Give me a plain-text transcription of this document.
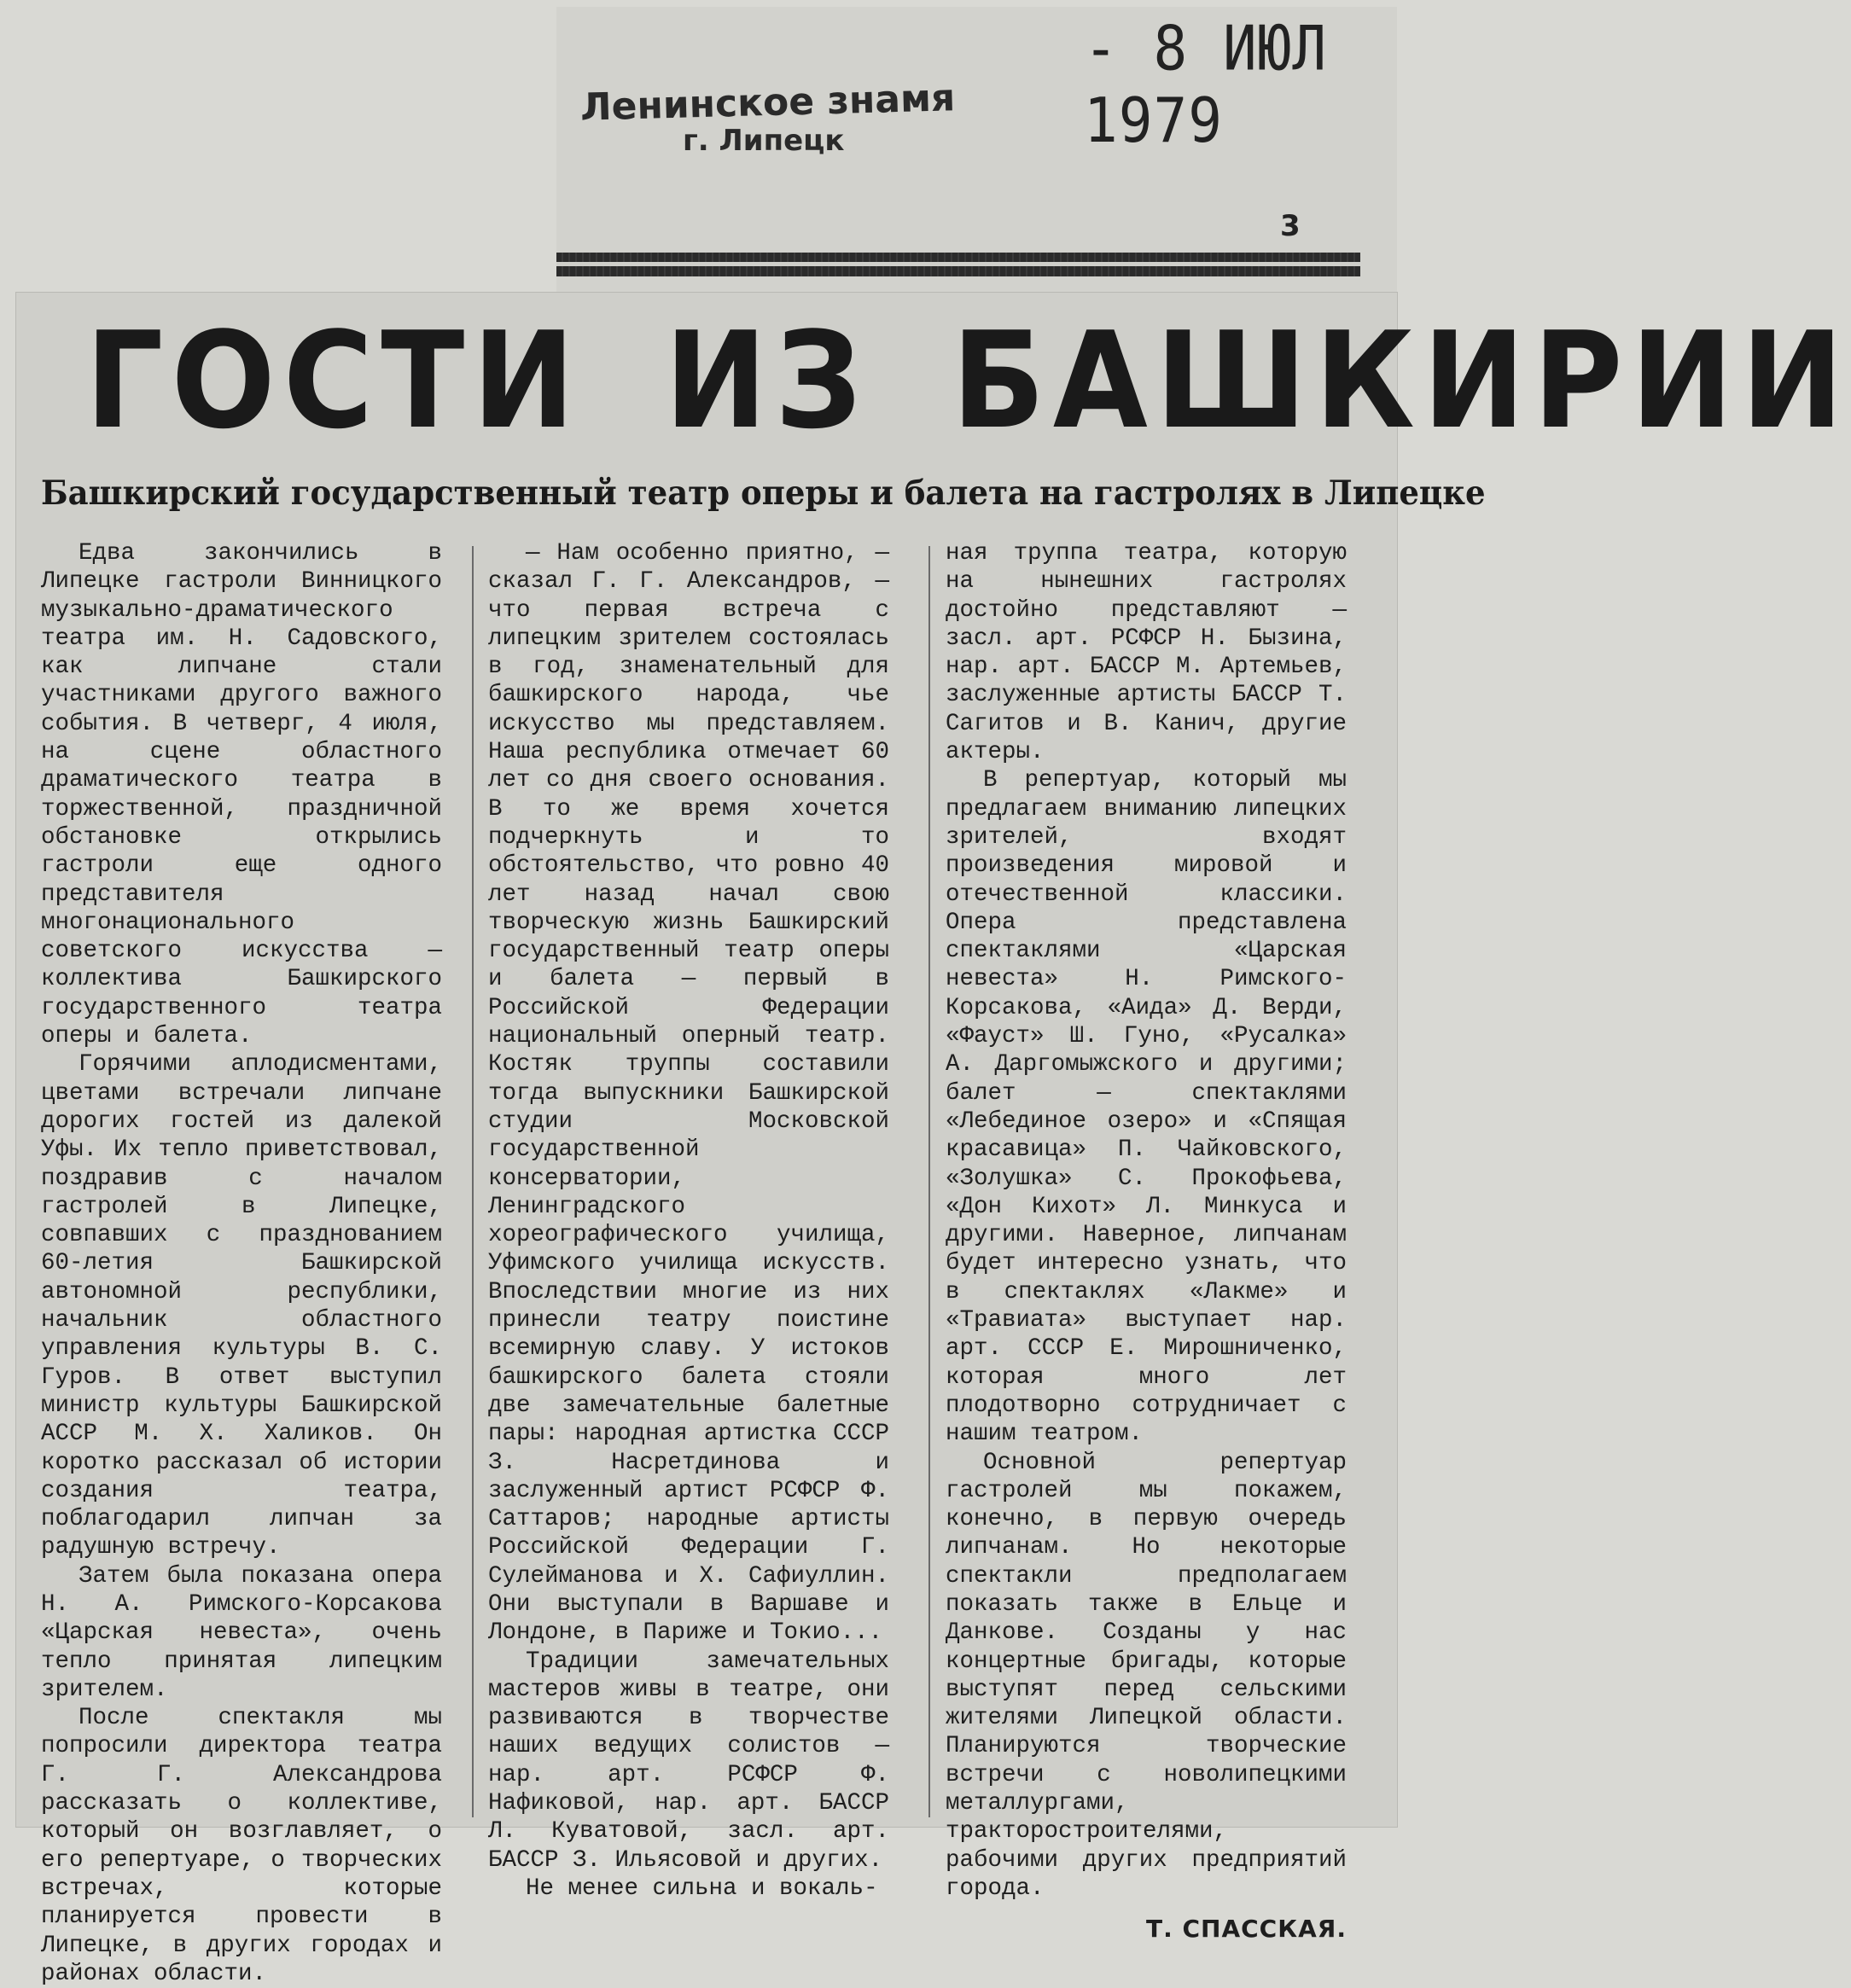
- 8 ИЮЛ 1979
Ленинское знамя
г. Липецк
3
ГОСТИ ИЗ БАШКИРИИ
Башкирский государственный театр оперы и балета на гастролях в Липецке

Едва закончились в Липецке гастроли Винницкого музыкально-драматического театра им. Н. Садовского, как липчане стали участниками другого важного события. В четверг, 4 июля, на сцене областного драматического театра в торжественной, праздничной обстановке открылись гастроли еще одного представителя многонационального советского искусства — коллектива Башкирского государственного театра оперы и балета.

Горячими аплодисментами, цветами встречали липчане дорогих гостей из далекой Уфы. Их тепло приветствовал, поздравив с началом гастролей в Липецке, совпавших с празднованием 60-летия Башкирской автономной республики, начальник областного управления культуры В. С. Гуров. В ответ выступил министр культуры Башкирской АССР М. Х. Халиков. Он коротко рассказал об истории создания театра, поблагодарил липчан за радушную встречу.

Затем была показана опера Н. А. Римского-Корсакова «Царская невеста», очень тепло принятая липецким зрителем.

После спектакля мы попросили директора театра Г. Г. Александрова рассказать о коллективе, который он возглавляет, о его репертуаре, о творческих встречах, которые планируется провести в Липецке, в других городах и районах области.

— Нам особенно приятно, — сказал Г. Г. Александров, — что первая встреча с липецким зрителем состоялась в год, знаменательный для башкирского народа, чье искусство мы представляем. Наша республика отмечает 60 лет со дня своего основания. В то же время хочется подчеркнуть и то обстоятельство, что ровно 40 лет назад начал свою творческую жизнь Башкирский государственный театр оперы и балета — первый в Российской Федерации национальный оперный театр. Костяк труппы составили тогда выпускники Башкирской студии Московской государственной консерватории, Ленинградского хореографического училища, Уфимского училища искусств. Впоследствии многие из них принесли театру поистине всемирную славу. У истоков башкирского балета стояли две замечательные балетные пары: народная артистка СССР З. Насретдинова и заслуженный артист РСФСР Ф. Саттаров; народные артисты Российской Федерации Г. Сулейманова и Х. Сафиуллин. Они выступали в Варшаве и Лондоне, в Париже и Токио...

Традиции замечательных мастеров живы в театре, они развиваются в творчестве наших ведущих солистов — нар. арт. РСФСР Ф. Нафиковой, нар. арт. БАССР Л. Куватовой, засл. арт. БАССР З. Ильясовой и других.

Не менее сильна и вокаль-

ная труппа театра, которую на нынешних гастролях достойно представляют — засл. арт. РСФСР Н. Бызина, нар. арт. БАССР М. Артемьев, заслуженные артисты БАССР Т. Сагитов и В. Канич, другие актеры.

В репертуар, который мы предлагаем вниманию липецких зрителей, входят произведения мировой и отечественной классики. Опера представлена спектаклями «Царская невеста» Н. Римского-Корсакова, «Аида» Д. Верди, «Фауст» Ш. Гуно, «Русалка» А. Даргомыжского и другими; балет — спектаклями «Лебединое озеро» и «Спящая красавица» П. Чайковского, «Золушка» С. Прокофьева, «Дон Кихот» Л. Минкуса и другими. Наверное, липчанам будет интересно узнать, что в спектаклях «Лакме» и «Травиата» выступает нар. арт. СССР Е. Мирошниченко, которая много лет плодотворно сотрудничает с нашим театром.

Основной репертуар гастролей мы покажем, конечно, в первую очередь липчанам. Но некоторые спектакли предполагаем показать также в Ельце и Данкове. Созданы у нас концертные бригады, которые выступят перед сельскими жителями Липецкой области. Планируются творческие встречи с новолипецкими металлургами, тракторостроителями, рабочими других предприятий города.

Т. СПАССКАЯ.
